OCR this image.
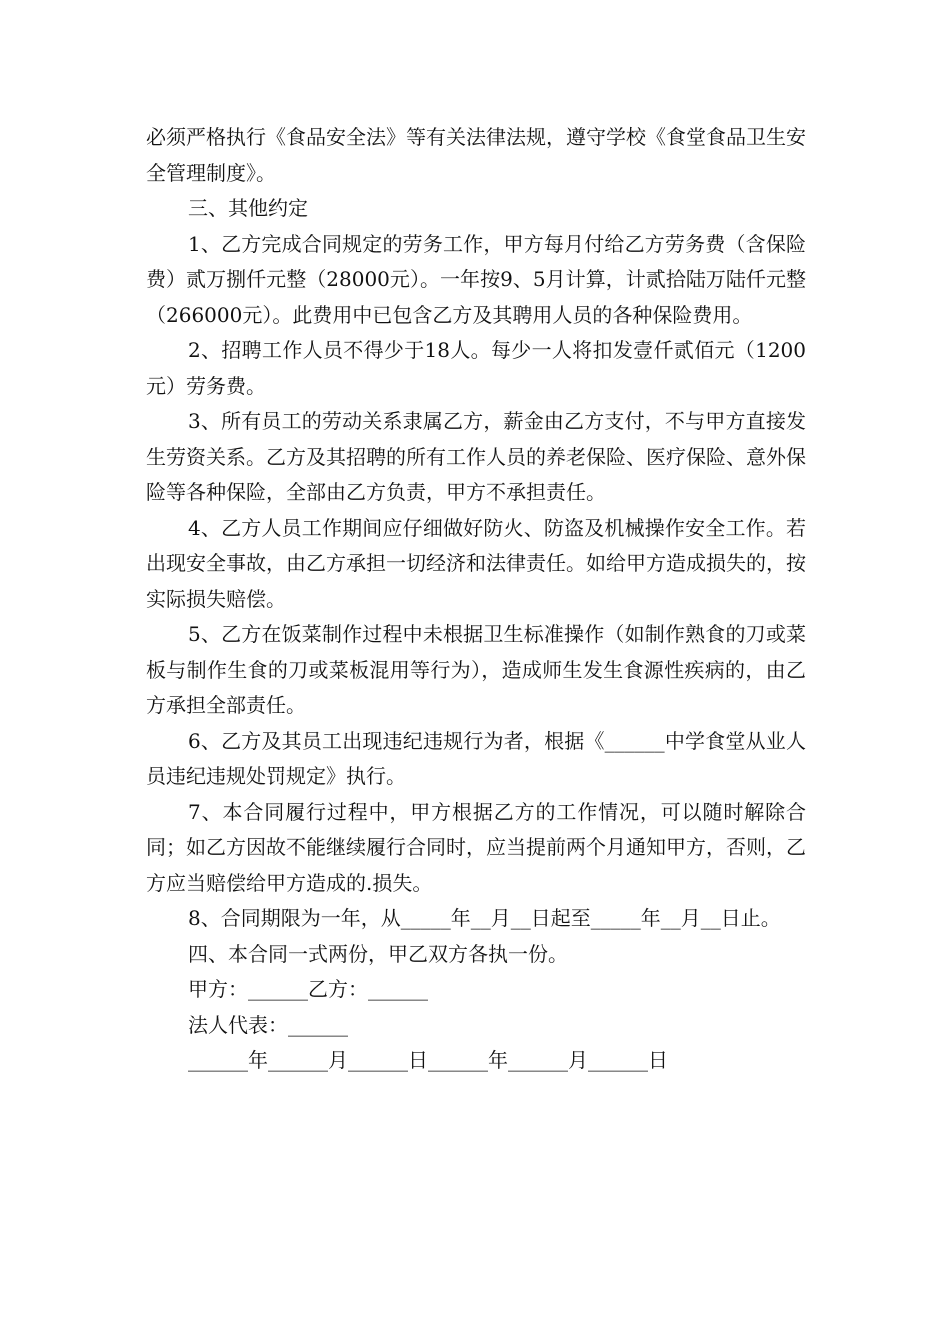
必须严格执行《食品安全法》等有关法律法规，遵守学校《食堂食品卫生安全管理制度》。

三、其他约定

1、乙方完成合同规定的劳务工作，甲方每月付给乙方劳务费（含保险费）贰万捌仟元整（28000元）。一年按9、5月计算，计贰拾陆万陆仟元整（266000元）。此费用中已包含乙方及其聘用人员的各种保险费用。

2、招聘工作人员不得少于18人。每少一人将扣发壹仟贰佰元（1200元）劳务费。

3、所有员工的劳动关系隶属乙方，薪金由乙方支付，不与甲方直接发生劳资关系。乙方及其招聘的所有工作人员的养老保险、医疗保险、意外保险等各种保险，全部由乙方负责，甲方不承担责任。

4、乙方人员工作期间应仔细做好防火、防盗及机械操作安全工作。若出现安全事故，由乙方承担一切经济和法律责任。如给甲方造成损失的，按实际损失赔偿。

5、乙方在饭菜制作过程中未根据卫生标准操作（如制作熟食的刀或菜板与制作生食的刀或菜板混用等行为），造成师生发生食源性疾病的，由乙方承担全部责任。

6、乙方及其员工出现违纪违规行为者，根据《______中学食堂从业人员违纪违规处罚规定》执行。

7、本合同履行过程中，甲方根据乙方的工作情况，可以随时解除合同；如乙方因故不能继续履行合同时，应当提前两个月通知甲方，否则，乙方应当赔偿给甲方造成的.损失。

8、合同期限为一年，从_____年__月__日起至_____年__月__日止。

四、本合同一式两份，甲乙双方各执一份。

甲方：______乙方：______

法人代表：______

______年______月______日______年______月______日
